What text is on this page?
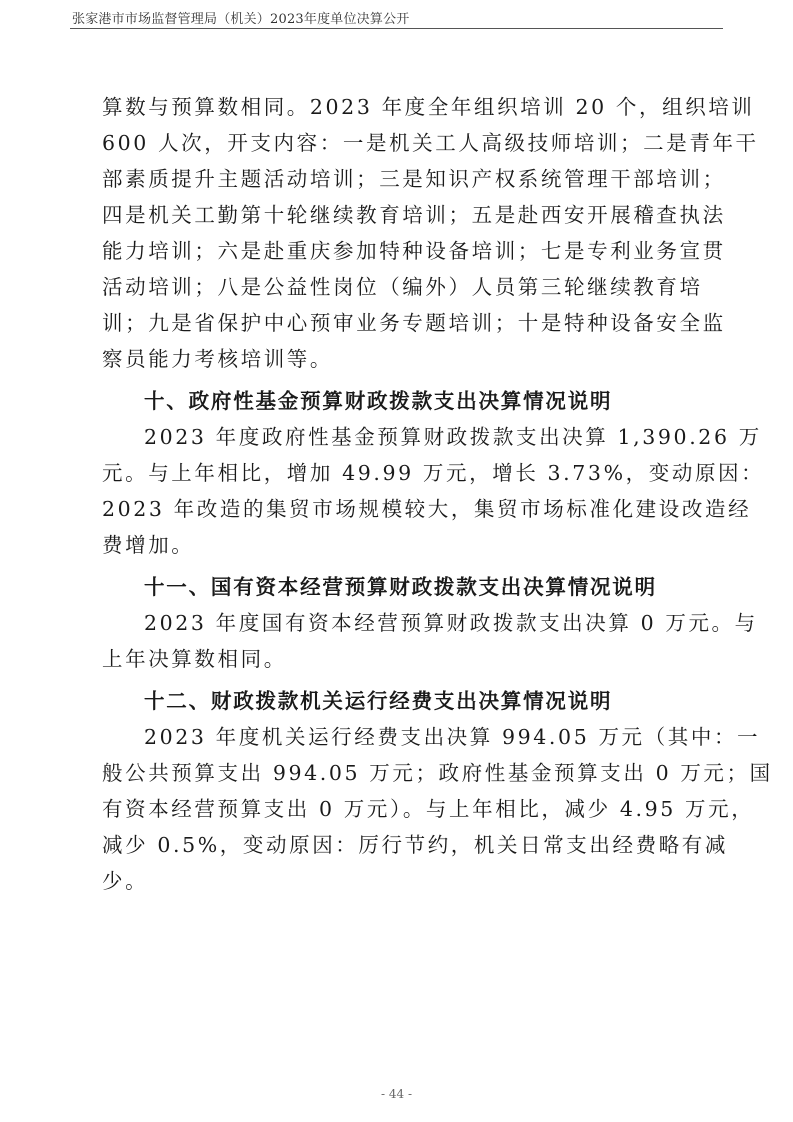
张家港市市场监督管理局（机关）2023年度单位决算公开
算数与预算数相同。2023 年度全年组织培训 20 个，组织培训
600 人次，开支内容：一是机关工人高级技师培训；二是青年干
部素质提升主题活动培训；三是知识产权系统管理干部培训；
四是机关工勤第十轮继续教育培训；五是赴西安开展稽查执法
能力培训；六是赴重庆参加特种设备培训；七是专利业务宣贯
活动培训；八是公益性岗位（编外）人员第三轮继续教育培
训；九是省保护中心预审业务专题培训；十是特种设备安全监
察员能力考核培训等。
十、政府性基金预算财政拨款支出决算情况说明
2023 年度政府性基金预算财政拨款支出决算 1,390.26 万
元。与上年相比，增加 49.99 万元，增长 3.73%，变动原因：
2023 年改造的集贸市场规模较大，集贸市场标准化建设改造经
费增加。
十一、国有资本经营预算财政拨款支出决算情况说明
2023 年度国有资本经营预算财政拨款支出决算 0 万元。与
上年决算数相同。
十二、财政拨款机关运行经费支出决算情况说明
2023 年度机关运行经费支出决算 994.05 万元（其中：一
般公共预算支出 994.05 万元；政府性基金预算支出 0 万元；国
有资本经营预算支出 0 万元）。与上年相比，减少 4.95 万元，
减少 0.5%，变动原因：厉行节约，机关日常支出经费略有减
少。
- 44 -
